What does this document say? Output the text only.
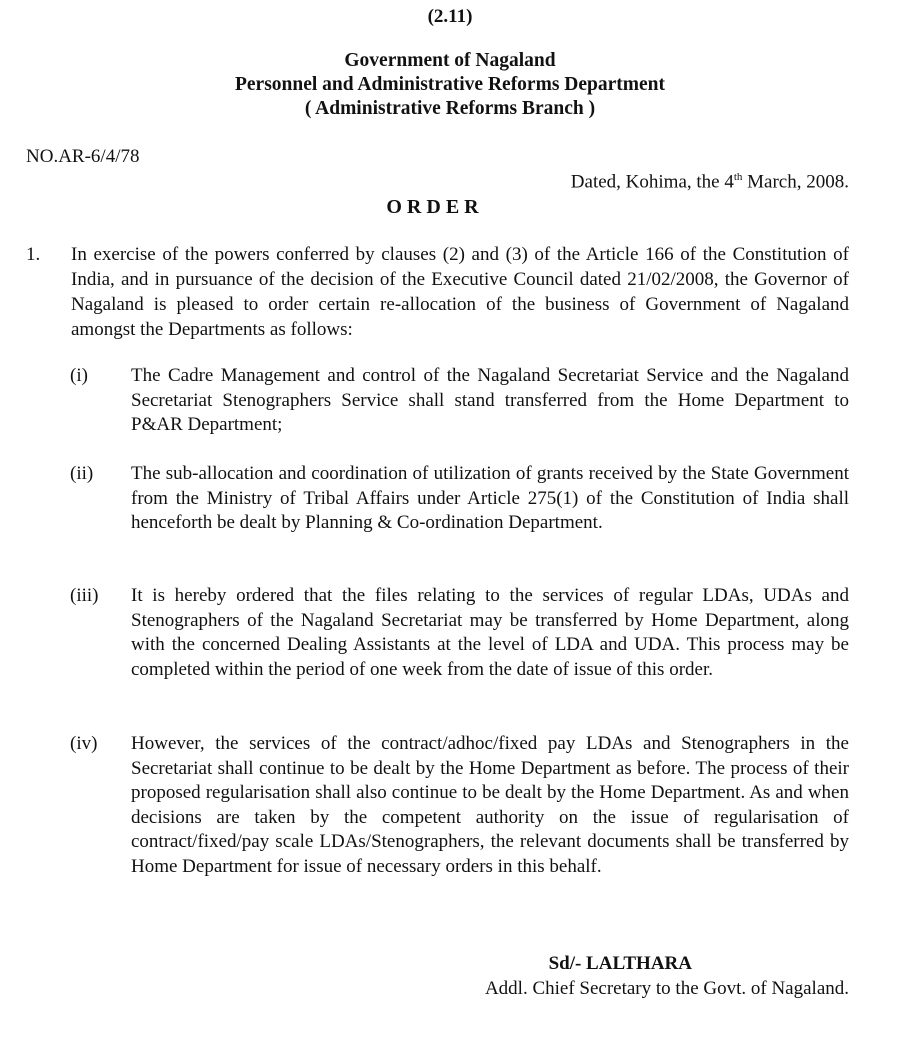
(2.11)
Government of Nagaland
Personnel and Administrative Reforms Department
( Administrative Reforms Branch )
NO.AR-6/4/78
Dated, Kohima, the 4th March, 2008.
ORDER
1. In exercise of the powers conferred by clauses (2) and (3) of the Article 166 of the Constitution of India, and in pursuance of the decision of the Executive Council dated 21/02/2008, the Governor of Nagaland is pleased to order certain re-allocation of the business of Government of Nagaland amongst the Departments as follows:
(i) The Cadre Management and control of the Nagaland Secretariat Service and the Nagaland Secretariat Stenographers Service shall stand transferred from the Home Department to P&AR Department;
(ii) The sub-allocation and coordination of utilization of grants received by the State Government from the Ministry of Tribal Affairs under Article 275(1) of the Constitution of India shall henceforth be dealt by Planning & Co-ordination Department.
(iii) It is hereby ordered that the files relating to the services of regular LDAs, UDAs and Stenographers of the Nagaland Secretariat may be transferred by Home Department, along with the concerned Dealing Assistants at the level of LDA and UDA. This process may be completed within the period of one week from the date of issue of this order.
(iv) However, the services of the contract/adhoc/fixed pay LDAs and Stenographers in the Secretariat shall continue to be dealt by the Home Department as before. The process of their proposed regularisation shall also continue to be dealt by the Home Department. As and when decisions are taken by the competent authority on the issue of regularisation of contract/fixed/pay scale LDAs/Stenographers, the relevant documents shall be transferred by Home Department for issue of necessary orders in this behalf.
Sd/- LALTHARA
Addl. Chief Secretary to the Govt. of Nagaland.
